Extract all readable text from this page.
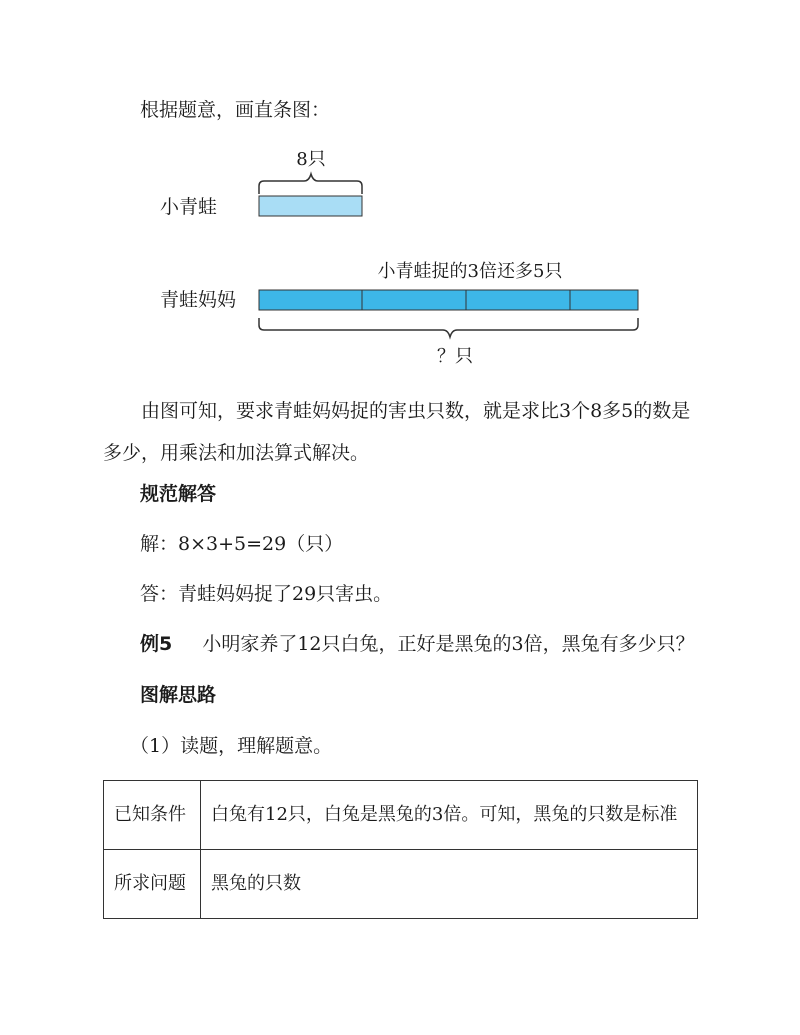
根据题意，画直条图：
8只
小青蛙
小青蛙捉的3倍还多5只
青蛙妈妈
？只
由图可知，要求青蛙妈妈捉的害虫只数，就是求比3个8多5的数是多少，用乘法和加法算式解决。
规范解答
解：8×3+5=29（只）
答：青蛙妈妈捉了29只害虫。
例5 小明家养了12只白兔，正好是黑兔的3倍，黑兔有多少只？
图解思路
（1）读题，理解题意。
已知条件	白兔有12只，白兔是黑兔的3倍。可知，黑兔的只数是标准
所求问题	黑兔的只数
